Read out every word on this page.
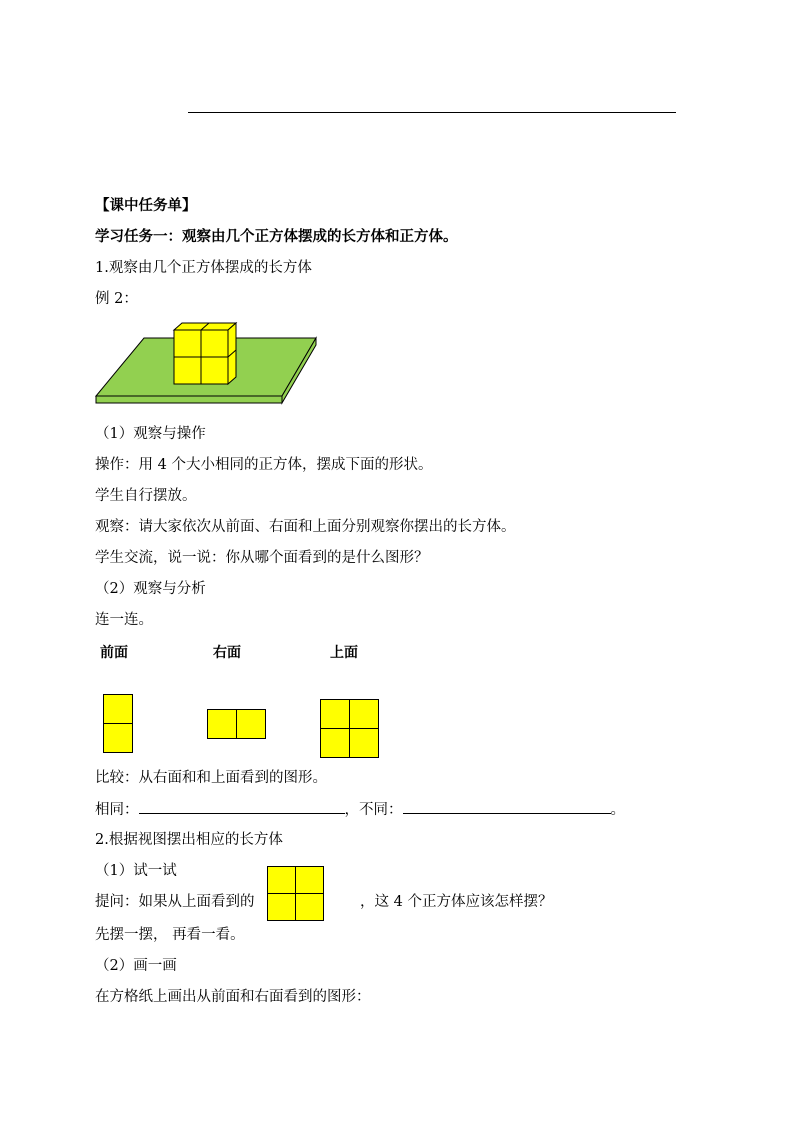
【课中任务单】
学习任务一：观察由几个正方体摆成的长方体和正方体。
1.观察由几个正方体摆成的长方体
例 2：
（1）观察与操作
操作：用 4 个大小相同的正方体，摆成下面的形状。
学生自行摆放。
观察：请大家依次从前面、右面和上面分别观察你摆出的长方体。
学生交流，说一说：你从哪个面看到的是什么图形？
（2）观察与分析
连一连。
前面	右面	上面
比较：从右面和和上面看到的图形。
相同：	，不同：	。
2.根据视图摆出相应的长方体
（1）试一试
提问：如果从上面看到的	，这 4 个正方体应该怎样摆？
先摆一摆， 再看一看。
（2）画一画
在方格纸上画出从前面和右面看到的图形：
